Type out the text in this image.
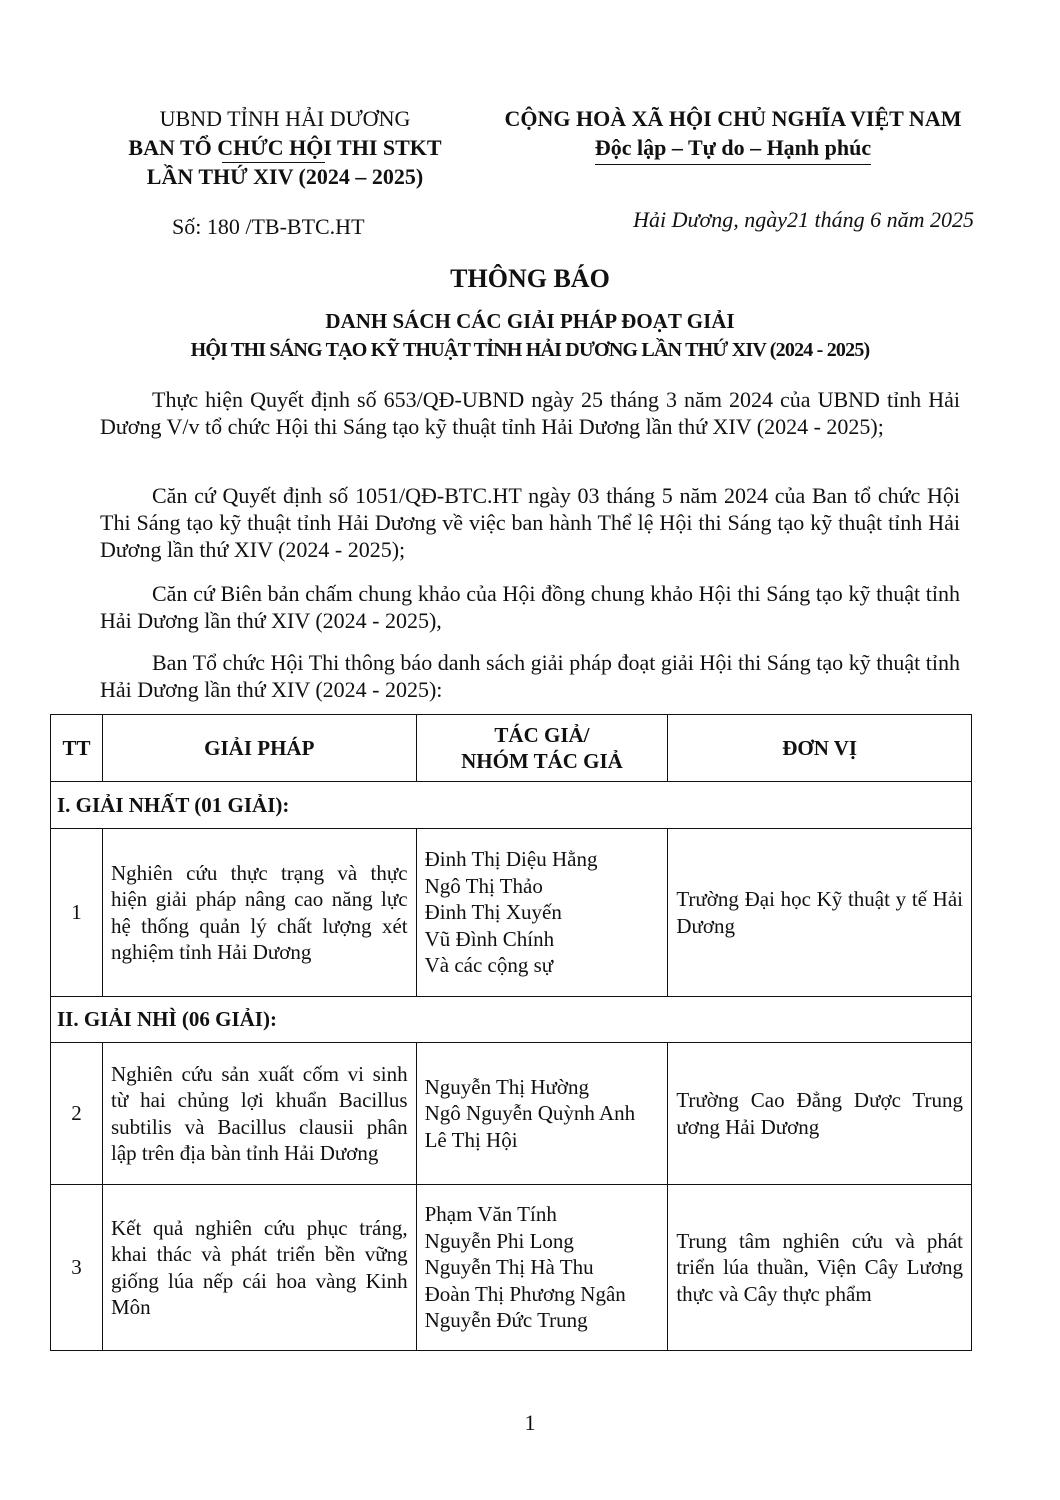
UBND TỈNH HẢI DƯƠNG
BAN TỔ CHỨC HỘI THI STKT
LẦN THỨ XIV (2024 – 2025)
CỘNG HOÀ XÃ HỘI CHỦ NGHĨA VIỆT NAM
Độc lập – Tự do – Hạnh phúc
Số: 180 /TB-BTC.HT	Hải Dương, ngày21 tháng 6 năm 2025
THÔNG BÁO
DANH SÁCH CÁC GIẢI PHÁP ĐOẠT GIẢI
HỘI THI SÁNG TẠO KỸ THUẬT TỈNH HẢI DƯƠNG LẦN THỨ XIV (2024 - 2025)

Thực hiện Quyết định số 653/QĐ-UBND ngày 25 tháng 3 năm 2024 của UBND tỉnh Hải Dương V/v tổ chức Hội thi Sáng tạo kỹ thuật tỉnh Hải Dương lần thứ XIV (2024 - 2025);

Căn cứ Quyết định số 1051/QĐ-BTC.HT ngày 03 tháng 5 năm 2024 của Ban tổ chức Hội Thi Sáng tạo kỹ thuật tỉnh Hải Dương về việc ban hành Thể lệ Hội thi Sáng tạo kỹ thuật tỉnh Hải Dương lần thứ XIV (2024 - 2025);

Căn cứ Biên bản chấm chung khảo của Hội đồng chung khảo Hội thi Sáng tạo kỹ thuật tỉnh Hải Dương lần thứ XIV (2024 - 2025),

Ban Tổ chức Hội Thi thông báo danh sách giải pháp đoạt giải Hội thi Sáng tạo kỹ thuật tỉnh Hải Dương lần thứ XIV (2024 - 2025):

TT	GIẢI PHÁP	TÁC GIẢ/
NHÓM TÁC GIẢ	ĐƠN VỊ
I. GIẢI NHẤT (01 GIẢI):			
1	Nghiên cứu thực trạng và thực hiện giải pháp nâng cao năng lực hệ thống quản lý chất lượng xét nghiệm tỉnh Hải Dương	Đinh Thị Diệu Hằng
Ngô Thị Thảo
Đinh Thị Xuyến
Vũ Đình Chính
Và các cộng sự	Trường Đại học Kỹ thuật y tế Hải Dương
II. GIẢI NHÌ (06 GIẢI):			
2	Nghiên cứu sản xuất cốm vi sinh từ hai chủng lợi khuẩn Bacillus subtilis và Bacillus clausii phân lập trên địa bàn tỉnh Hải Dương	Nguyễn Thị Hường
Ngô Nguyễn Quỳnh Anh
Lê Thị Hội	Trường Cao Đẳng Dược Trung ương Hải Dương
3	Kết quả nghiên cứu phục tráng, khai thác và phát triển bền vững giống lúa nếp cái hoa vàng Kinh Môn	Phạm Văn Tính
Nguyễn Phi Long
Nguyễn Thị Hà Thu
Đoàn Thị Phương Ngân
Nguyễn Đức Trung	Trung tâm nghiên cứu và phát triển lúa thuần, Viện Cây Lương thực và Cây thực phẩm
1
